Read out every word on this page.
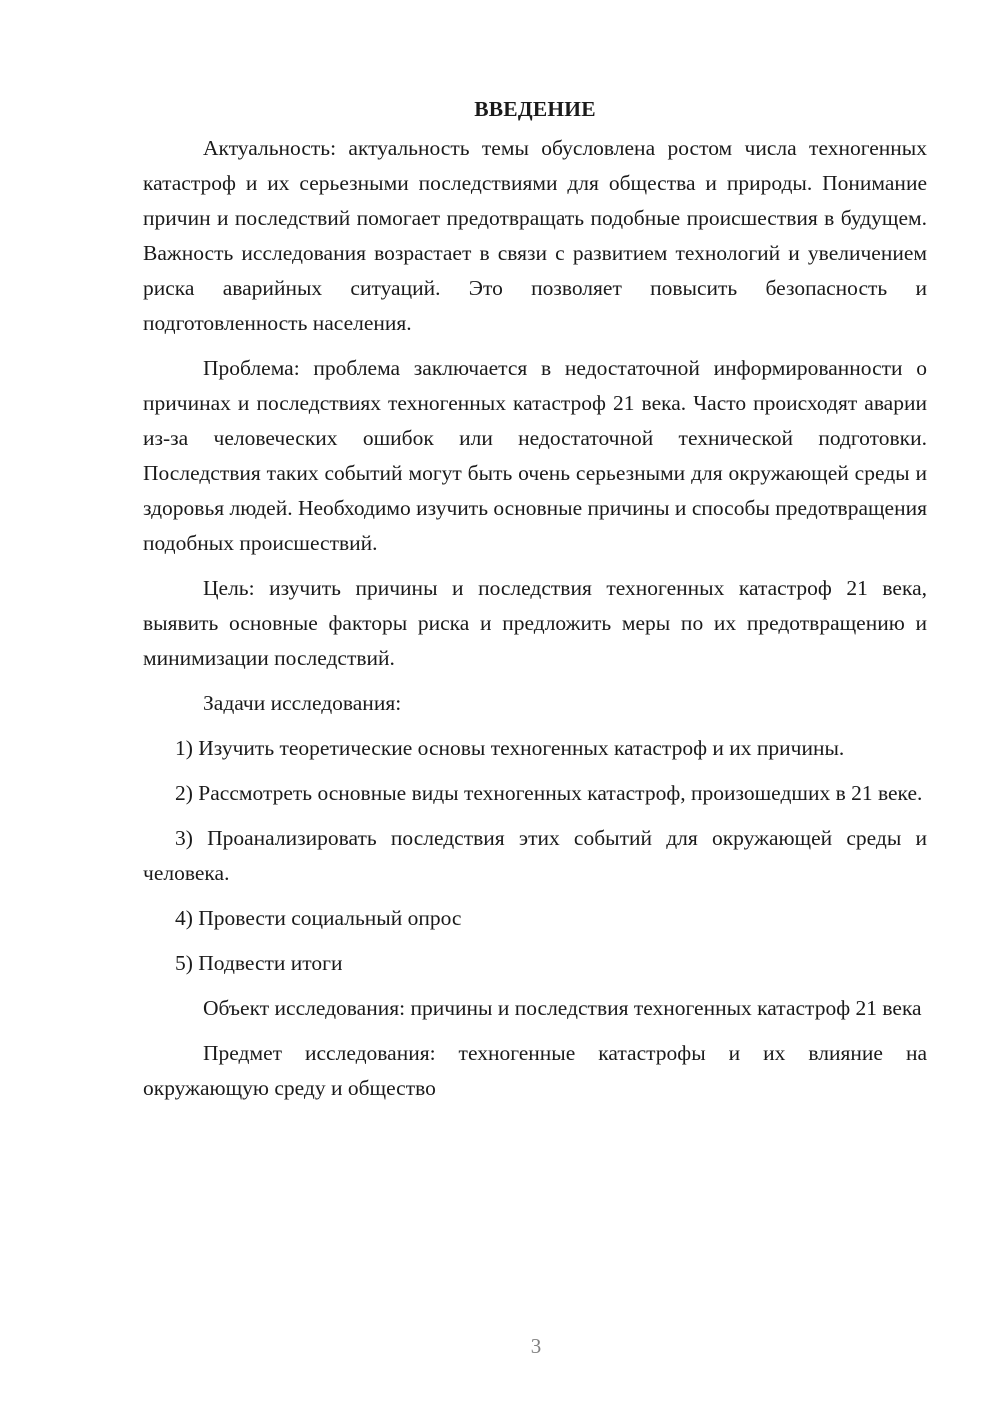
ВВЕДЕНИЕ

Актуальность: актуальность темы обусловлена ростом числа техногенных катастроф и их серьезными последствиями для общества и природы. Понимание причин и последствий помогает предотвращать подобные происшествия в будущем. Важность исследования возрастает в связи с развитием технологий и увеличением риска аварийных ситуаций. Это позволяет повысить безопасность и подготовленность населения.

Проблема: проблема заключается в недостаточной информированности о причинах и последствиях техногенных катастроф 21 века. Часто происходят аварии из-за человеческих ошибок или недостаточной технической подготовки. Последствия таких событий могут быть очень серьезными для окружающей среды и здоровья людей. Необходимо изучить основные причины и способы предотвращения подобных происшествий.

Цель: изучить причины и последствия техногенных катастроф 21 века, выявить основные факторы риска и предложить меры по их предотвращению и минимизации последствий.

Задачи исследования:

1) Изучить теоретические основы техногенных катастроф и их причины.

2) Рассмотреть основные виды техногенных катастроф, произошедших в 21 веке.

3) Проанализировать последствия этих событий для окружающей среды и человека.

4) Провести социальный опрос

5) Подвести итоги

Объект исследования: причины и последствия техногенных катастроф 21 века

Предмет исследования: техногенные катастрофы и их влияние на окружающую среду и общество

3
